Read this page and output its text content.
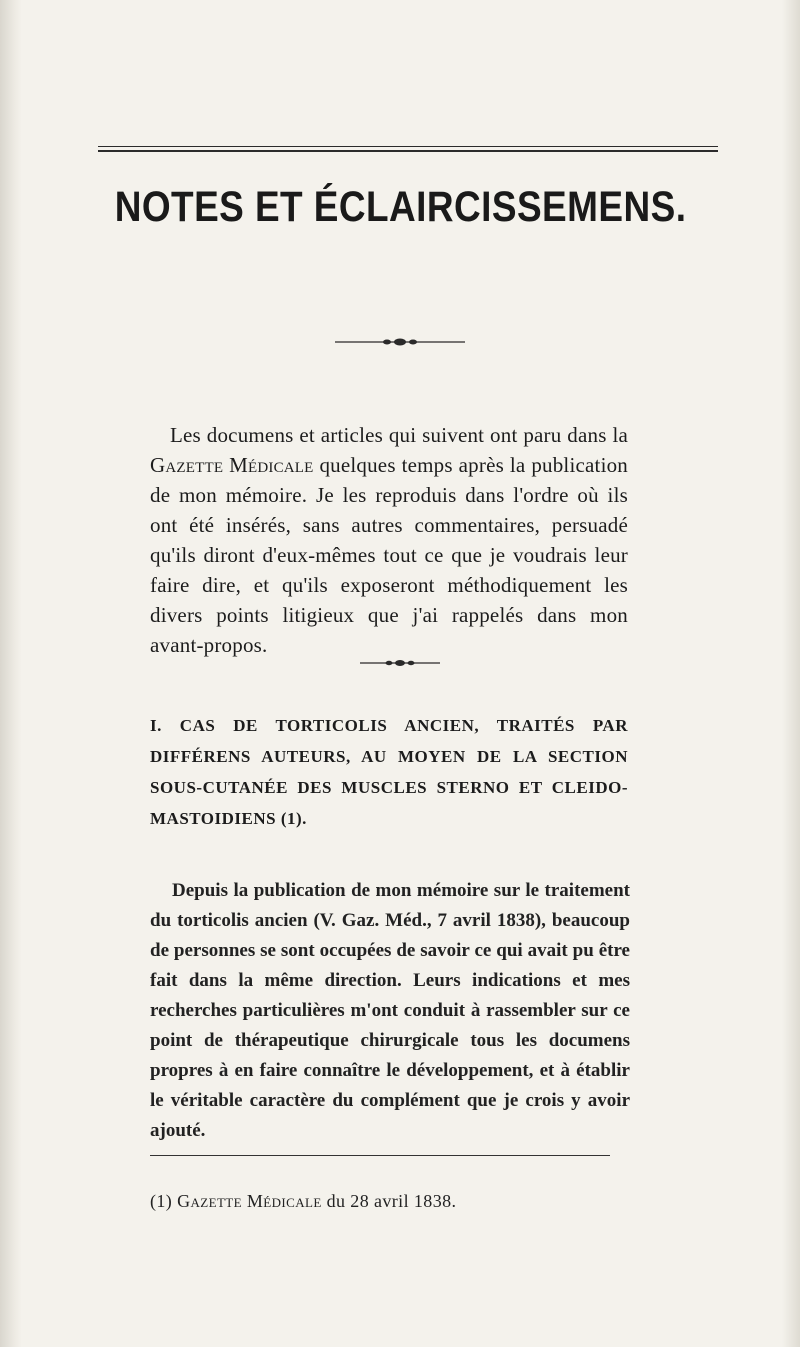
NOTES ET ÉCLAIRCISSEMENS.

Les documens et articles qui suivent ont paru dans la Gazette Médicale quelques temps après la publication de mon mémoire. Je les reproduis dans l'ordre où ils ont été insérés, sans autres commentaires, persuadé qu'ils diront d'eux-mêmes tout ce que je voudrais leur faire dire, et qu'ils exposeront méthodiquement les divers points litigieux que j'ai rappelés dans mon avant-propos.

I. CAS DE TORTICOLIS ANCIEN, TRAITÉS PAR DIFFÉRENS AUTEURS, AU MOYEN DE LA SECTION SOUS-CUTANÉE DES MUSCLES STERNO ET CLEIDO-MASTOIDIENS (1).

Depuis la publication de mon mémoire sur le traitement du torticolis ancien (V. Gaz. Méd., 7 avril 1838), beaucoup de personnes se sont occupées de savoir ce qui avait pu être fait dans la même direction. Leurs indications et mes recherches particulières m'ont conduit à rassembler sur ce point de thérapeutique chirurgicale tous les documens propres à en faire connaître le développement, et à établir le véritable caractère du complément que je crois y avoir ajouté.

(1) Gazette Médicale du 28 avril 1838.
